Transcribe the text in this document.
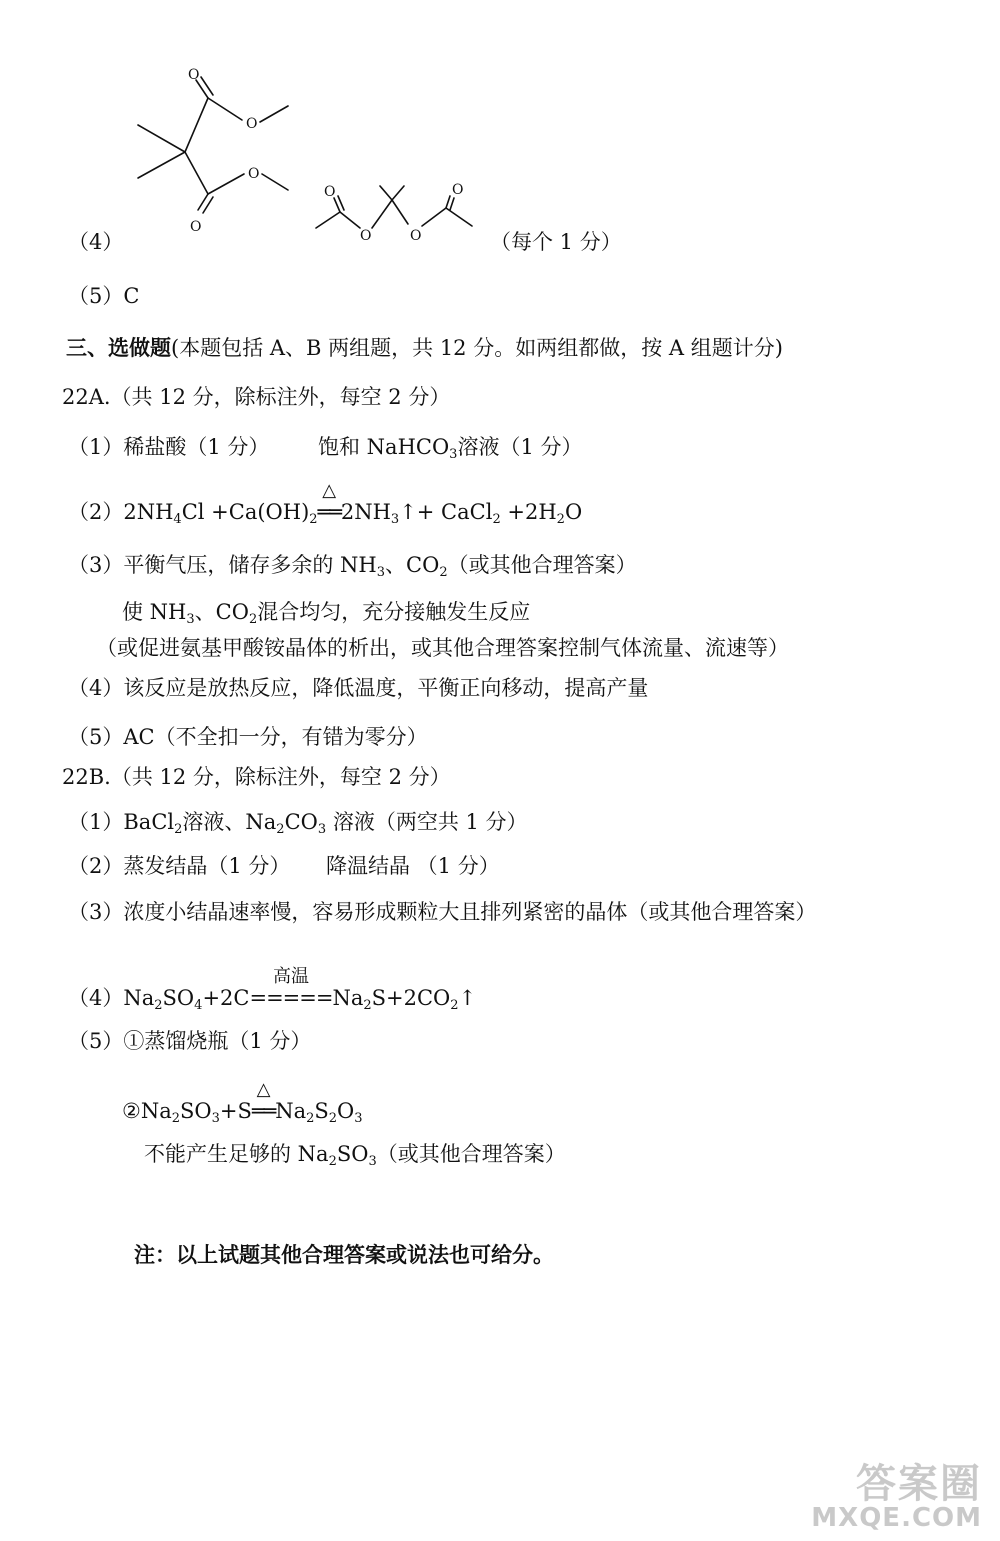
O
O
O
O
O
O	O
O
（4）	（每个 1 分）
（5）C
三、选做题(本题包括 A、B 两组题，共 12 分。如两组都做，按 A 组题计分)
22A.（共 12 分，除标注外，每空 2 分）
（1）稀盐酸（1 分） 饱和 NaHCO$_3$溶液（1 分）
$(2)2NH_4Cl +Ca(OH)_2$
△
$══2NH_3↑+$ CaCl$_2$ $+2H_2O$
（3）平衡气压，储存多余的 $NH_3$、$CO_2$（或其他合理答案）
使 $NH_3$、$CO_2$混合均匀，充分接触发生反应
（或促进氨基甲酸铵晶体的析出，或其他合理答案控制气体流量、流速等）
（4）该反应是放热反应，降低温度，平衡正向移动，提高产量
（5）AC（不全扣一分，有错为零分）
22B.（共 12 分，除标注外，每空 2 分）
（1）BaCl$_2$溶液、$Na_2CO_3$ 溶液（两空共 1 分）
（2）蒸发结晶（1 分） 降温结晶 （1 分）
（3）浓度小结晶速率慢，容易形成颗粒大且排列紧密的晶体（或其他合理答案）
$(4)Na_2SO_4+2C$
高温
$=====Na_2S+2CO_2↑$
（5）①蒸馏烧瓶（1 分）
$②Na_2SO_3+S$
△
$══Na_2S_2O_3$
不能产生足够的 $Na_2SO_3$（或其他合理答案）
注：以上试题其他合理答案或说法也可给分。
答案圈
MXQE.COM
